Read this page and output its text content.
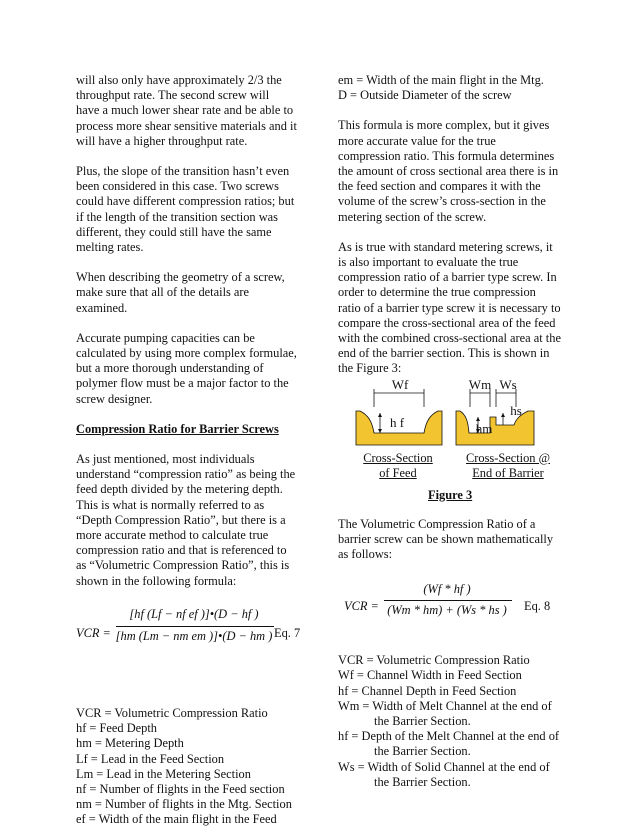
will also only have approximately 2/3 the
throughput rate. The second screw will
have a much lower shear rate and be able to
process more shear sensitive materials and it
will have a higher throughput rate.

Plus, the slope of the transition hasn’t even
been considered in this case. Two screws
could have different compression ratios; but
if the length of the transition section was
different, they could still have the same
melting rates.

When describing the geometry of a screw,
make sure that all of the details are
examined.

Accurate pumping capacities can be
calculated by using more complex formulae,
but a more thorough understanding of
polymer flow must be a major factor to the
screw designer.

Compression Ratio for Barrier Screws

As just mentioned, most individuals
understand “compression ratio” as being the
feed depth divided by the metering depth.
This is what is normally referred to as
“Depth Compression Ratio”, but there is a
more accurate method to calculate true
compression ratio and that is referenced to
as “Volumetric Compression Ratio”, this is
shown in the following formula:

VCR =
[hf (Lf − nf ef )]•(D − hf )
[hm (Lm − nm em )]•(D − hm ) Eq. 7

VCR = Volumetric Compression Ratio

hf = Feed Depth

hm = Metering Depth

Lf = Lead in the Feed Section

Lm = Lead in the Metering Section

nf = Number of flights in the Feed section

nm = Number of flights in the Mtg. Section

ef = Width of the main flight in the Feed

em = Width of the main flight in the Mtg.

D = Outside Diameter of the screw

This formula is more complex, but it gives
more accurate value for the true
compression ratio. This formula determines
the amount of cross sectional area there is in
the feed section and compares it with the
volume of the screw’s cross-section in the
metering section of the screw.

As is true with standard metering screws, it
is also important to evaluate the true
compression ratio of a barrier type screw. In
order to determine the true compression
ratio of a barrier type screw it is necessary to
compare the cross-sectional area of the feed
with the combined cross-sectional area at the
end of the barrier section. This is shown in
the Figure 3:

Wf
h f
Wm Ws
hs
hm
Cross-Section
of Feed
Cross-Section @
End of Barrier
Figure 3

The Volumetric Compression Ratio of a
barrier screw can be shown mathematically
as follows:

VCR =
(Wf * hf )
(Wm * hm) + (Ws * hs )	Eq. 8

VCR = Volumetric Compression Ratio

Wf = Channel Width in Feed Section

hf = Channel Depth in Feed Section

Wm = Width of Melt Channel at the end of the Barrier Section.

hf = Depth of the Melt Channel at the end of the Barrier Section.

Ws = Width of Solid Channel at the end of the Barrier Section.
